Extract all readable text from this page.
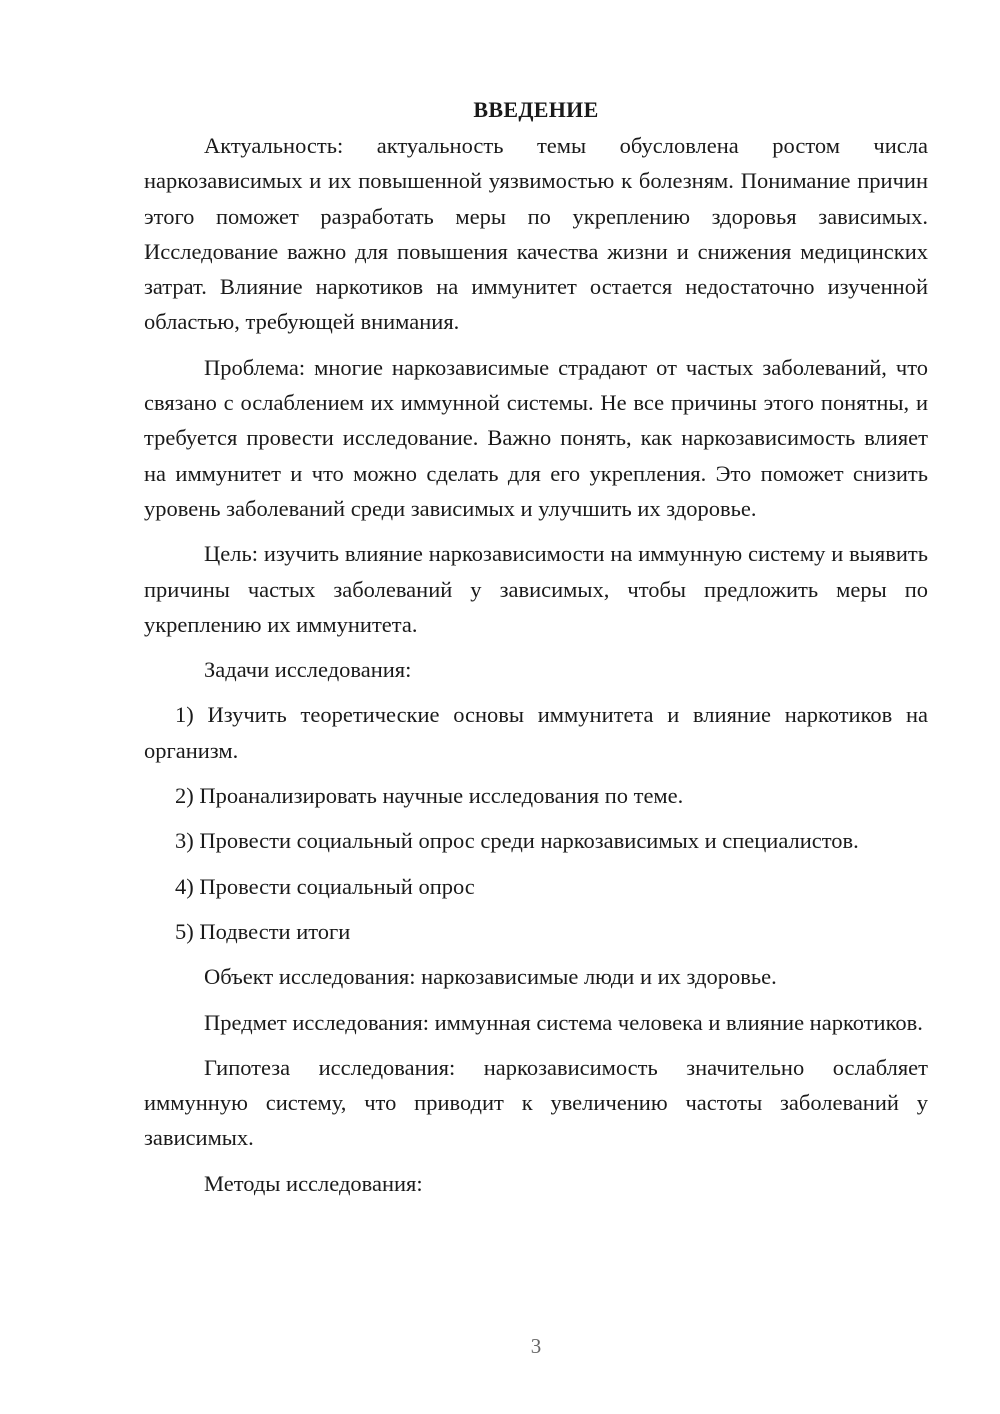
ВВЕДЕНИЕ

Актуальность: актуальность темы обусловлена ростом числа наркозависимых и их повышенной уязвимостью к болезням. Понимание причин этого поможет разработать меры по укреплению здоровья зависимых. Исследование важно для повышения качества жизни и снижения медицинских затрат. Влияние наркотиков на иммунитет остается недостаточно изученной областью, требующей внимания.

Проблема: многие наркозависимые страдают от частых заболеваний, что связано с ослаблением их иммунной системы. Не все причины этого понятны, и требуется провести исследование. Важно понять, как наркозависимость влияет на иммунитет и что можно сделать для его укрепления. Это поможет снизить уровень заболеваний среди зависимых и улучшить их здоровье.

Цель: изучить влияние наркозависимости на иммунную систему и выявить причины частых заболеваний у зависимых, чтобы предложить меры по укреплению их иммунитета.

Задачи исследования:

1) Изучить теоретические основы иммунитета и влияние наркотиков на организм.

2) Проанализировать научные исследования по теме.

3) Провести социальный опрос среди наркозависимых и специалистов.

4) Провести социальный опрос

5) Подвести итоги

Объект исследования: наркозависимые люди и их здоровье.

Предмет исследования: иммунная система человека и влияние наркотиков.

Гипотеза исследования: наркозависимость значительно ослабляет иммунную систему, что приводит к увеличению частоты заболеваний у зависимых.

Методы исследования:

3
